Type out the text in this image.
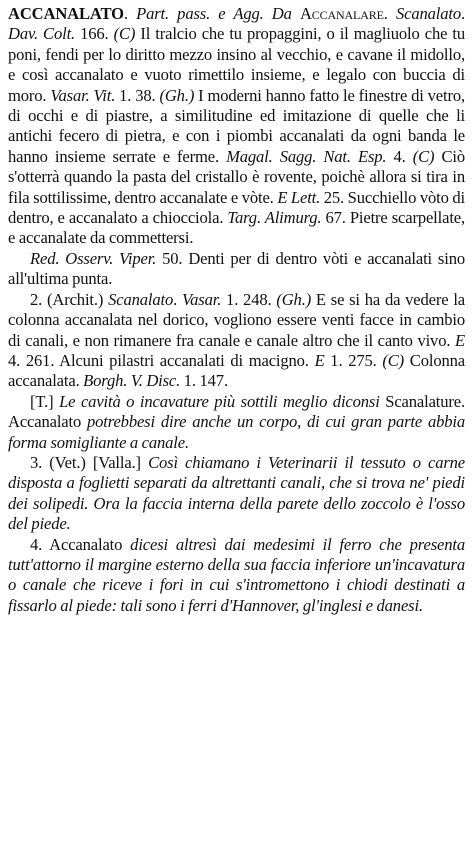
ACCANALATO. Part. pass. e Agg. Da Accanalare. Scanalato. Dav. Colt. 166. (C) Il tralcio che tu propaggini, o il magliuolo che tu poni, fendi per lo diritto mezzo insino al vecchio, e cavane il midollo, e così accanalato e vuoto rimettilo insieme, e legalo con buccia di moro. Vasar. Vit. 1. 38. (Gh.) I moderni hanno fatto le finestre di vetro, di occhi e di piastre, a similitudine ed imitazione di quelle che li antichi fecero di pietra, e con i piombi accanalati da ogni banda le hanno insieme serrate e ferme. Magal. Sagg. Nat. Esp. 4. (C) Ciò s'otterrà quando la pasta del cristallo è rovente, poichè allora si tira in fila sottilissime, dentro accanalate e vòte. E Lett. 25. Succhiello vòto di dentro, e accanalato a chiocciola. Targ. Alimurg. 67. Pietre scarpellate, e accanalate da commettersi.

Red. Osserv. Viper. 50. Denti per di dentro vòti e accanalati sino all'ultima punta.

2. (Archit.) Scanalato. Vasar. 1. 248. (Gh.) E se si ha da vedere la colonna accanalata nel dorico, vogliono essere venti facce in cambio di canali, e non rimanere fra canale e canale altro che il canto vivo. E 4. 261. Alcuni pilastri accanalati di macigno. E 1. 275. (C) Colonna accanalata. Borgh. V. Disc. 1. 147.

[T.] Le cavità o incavature più sottili meglio diconsi Scanalature. Accanalato potrebbesi dire anche un corpo, di cui gran parte abbia forma somigliante a canale.

3. (Vet.) [Valla.] Così chiamano i Veterinarii il tessuto o carne disposta a foglietti separati da altrettanti canali, che si trova ne' piedi dei solipedi. Ora la faccia interna della parete dello zoccolo è l'osso del piede.

4. Accanalato dicesi altresì dai medesimi il ferro che presenta tutt'attorno il margine esterno della sua faccia inferiore un'incavatura o canale che riceve i fori in cui s'intromettono i chiodi destinati a fissarlo al piede: tali sono i ferri d'Hannover, gl'inglesi e danesi.
